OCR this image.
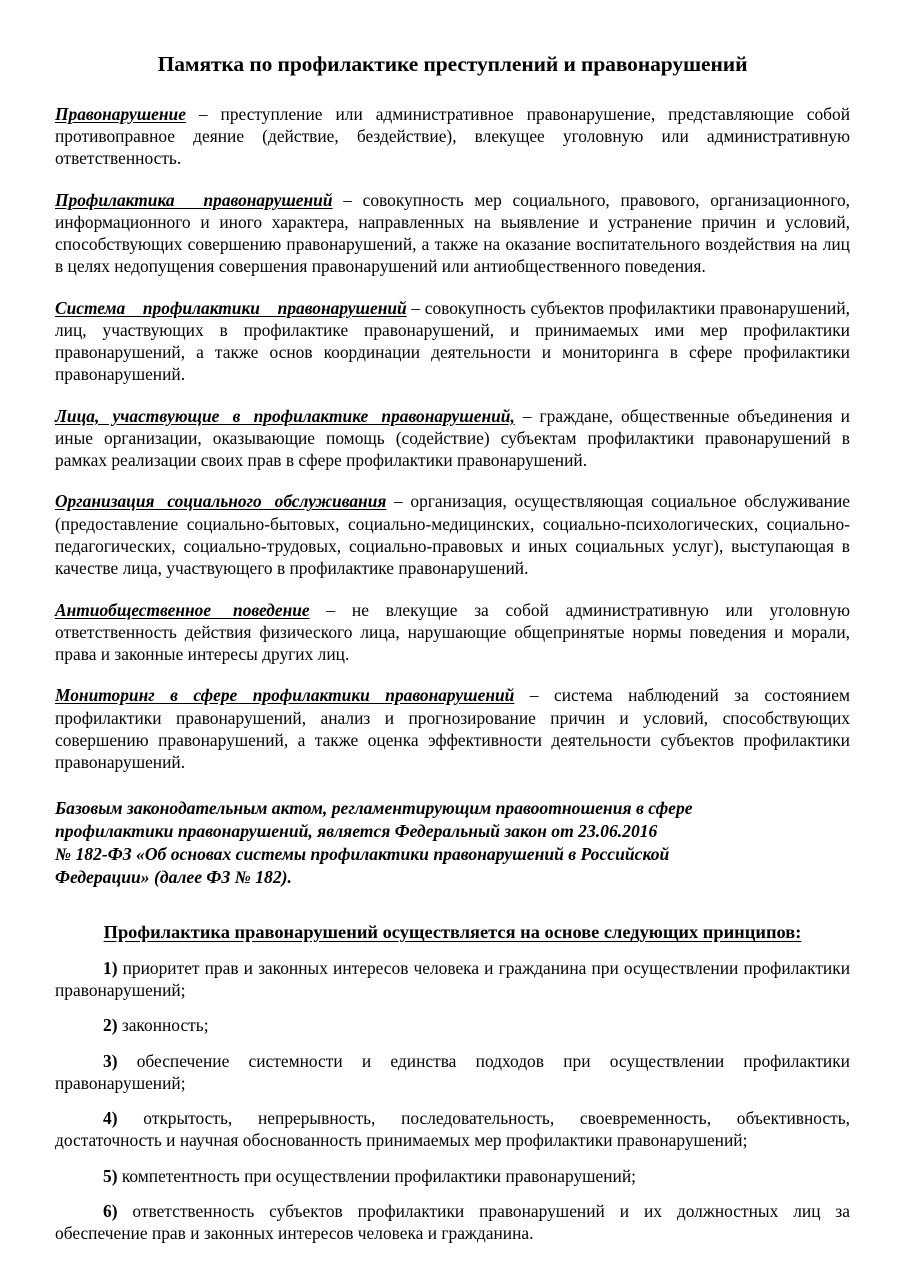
Памятка по профилактике преступлений и правонарушений

Правонарушение – преступление или административное правонарушение, представляющие собой противоправное деяние (действие, бездействие), влекущее уголовную или административную ответственность.

Профилактика правонарушений – совокупность мер социального, правового, организационного, информационного и иного характера, направленных на выявление и устранение причин и условий, способствующих совершению правонарушений, а также на оказание воспитательного воздействия на лиц в целях недопущения совершения правонарушений или антиобщественного поведения.

Система профилактики правонарушений – совокупность субъектов профилактики правонарушений, лиц, участвующих в профилактике правонарушений, и принимаемых ими мер профилактики правонарушений, а также основ координации деятельности и мониторинга в сфере профилактики правонарушений.

Лица, участвующие в профилактике правонарушений, – граждане, общественные объединения и иные организации, оказывающие помощь (содействие) субъектам профилактики правонарушений в рамках реализации своих прав в сфере профилактики правонарушений.

Организация социального обслуживания – организация, осуществляющая социальное обслуживание (предоставление социально-бытовых, социально-медицинских, социально-психологических, социально-педагогических, социально-трудовых, социально-правовых и иных социальных услуг), выступающая в качестве лица, участвующего в профилактике правонарушений.

Антиобщественное поведение – не влекущие за собой административную или уголовную ответственность действия физического лица, нарушающие общепринятые нормы поведения и морали, права и законные интересы других лиц.

Мониторинг в сфере профилактики правонарушений – система наблюдений за состоянием профилактики правонарушений, анализ и прогнозирование причин и условий, способствующих совершению правонарушений, а также оценка эффективности деятельности субъектов профилактики правонарушений.

Базовым законодательным актом, регламентирующим правоотношения в сфере
профилактики правонарушений, является Федеральный закон от 23.06.2016
№ 182-ФЗ «Об основах системы профилактики правонарушений в Российской
Федерации» (далее ФЗ № 182).
Профилактика правонарушений осуществляется на основе следующих принципов:

1) приоритет прав и законных интересов человека и гражданина при осуществлении профилактики правонарушений;

2) законность;

3) обеспечение системности и единства подходов при осуществлении профилактики правонарушений;

4) открытость, непрерывность, последовательность, своевременность, объективность, достаточность и научная обоснованность принимаемых мер профилактики правонарушений;

5) компетентность при осуществлении профилактики правонарушений;

6) ответственность субъектов профилактики правонарушений и их должностных лиц за обеспечение прав и законных интересов человека и гражданина.
